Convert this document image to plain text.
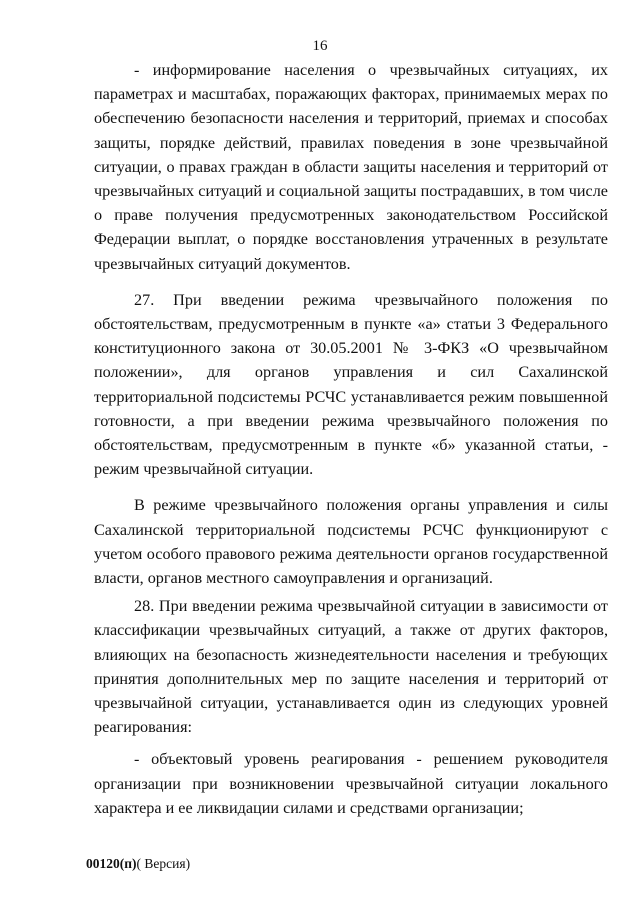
16

- информирование населения о чрезвычайных ситуациях, их параметрах и масштабах, поражающих факторах, принимаемых мерах по обеспечению безопасности населения и территорий, приемах и способах защиты, порядке действий, правилах поведения в зоне чрезвычайной ситуации, о правах граждан в области защиты населения и территорий от чрезвычайных ситуаций и социальной защиты пострадавших, в том числе о праве получения предусмотренных законодательством Российской Федерации выплат, о порядке восстановления утраченных в результате чрезвычайных ситуаций документов.

27. При введении режима чрезвычайного положения по обстоятельствам, предусмотренным в пункте «а» статьи 3 Федерального конституционного закона от 30.05.2001 № 3-ФКЗ «О чрезвычайном положении», для органов управления и сил Сахалинской территориальной подсистемы РСЧС устанавливается режим повышенной готовности, а при введении режима чрезвычайного положения по обстоятельствам, предусмотренным в пункте «б» указанной статьи, - режим чрезвычайной ситуации.

В режиме чрезвычайного положения органы управления и силы Сахалинской территориальной подсистемы РСЧС функционируют с учетом особого правового режима деятельности органов государственной власти, органов местного самоуправления и организаций.

28. При введении режима чрезвычайной ситуации в зависимости от классификации чрезвычайных ситуаций, а также от других факторов, влияющих на безопасность жизнедеятельности населения и требующих принятия дополнительных мер по защите населения и территорий от чрезвычайной ситуации, устанавливается один из следующих уровней реагирования:

- объектовый уровень реагирования - решением руководителя организации при возникновении чрезвычайной ситуации локального характера и ее ликвидации силами и средствами организации;

00120(п)( Версия)
